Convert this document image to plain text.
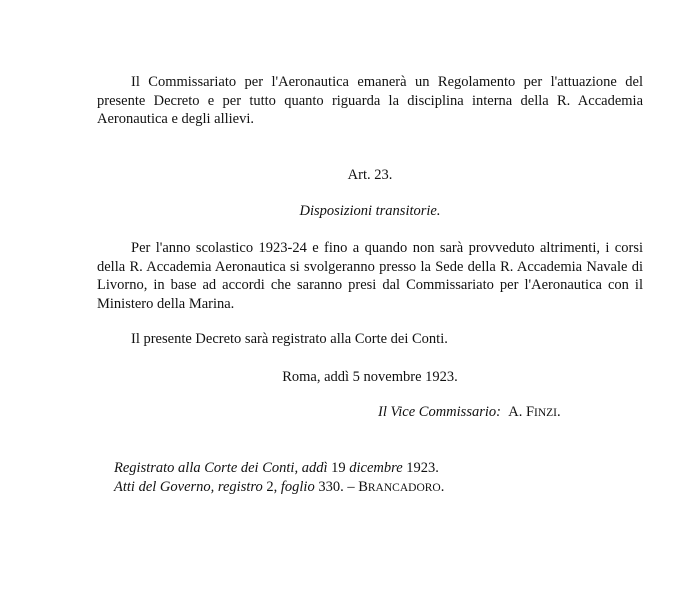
Il Commissariato per l'Aeronautica emanerà un Regolamento per l'attuazione del presente Decreto e per tutto quanto riguarda la disciplina interna della R. Accademia Aeronautica e degli allievi.

Art. 23.

Disposizioni transitorie.

Per l'anno scolastico 1923-24 e fino a quando non sarà provveduto altrimenti, i corsi della R. Accademia Aeronautica si svolgeranno presso la Sede della R. Accademia Navale di Livorno, in base ad accordi che saranno presi dal Commissariato per l'Aeronautica con il Ministero della Marina.

Il presente Decreto sarà registrato alla Corte dei Conti.

Roma, addì 5 novembre 1923.

Il Vice Commissario: A. FINZI.

Registrato alla Corte dei Conti, addì 19 dicembre 1923.

Atti del Governo, registro 2, foglio 330. – BRANCADORO.
